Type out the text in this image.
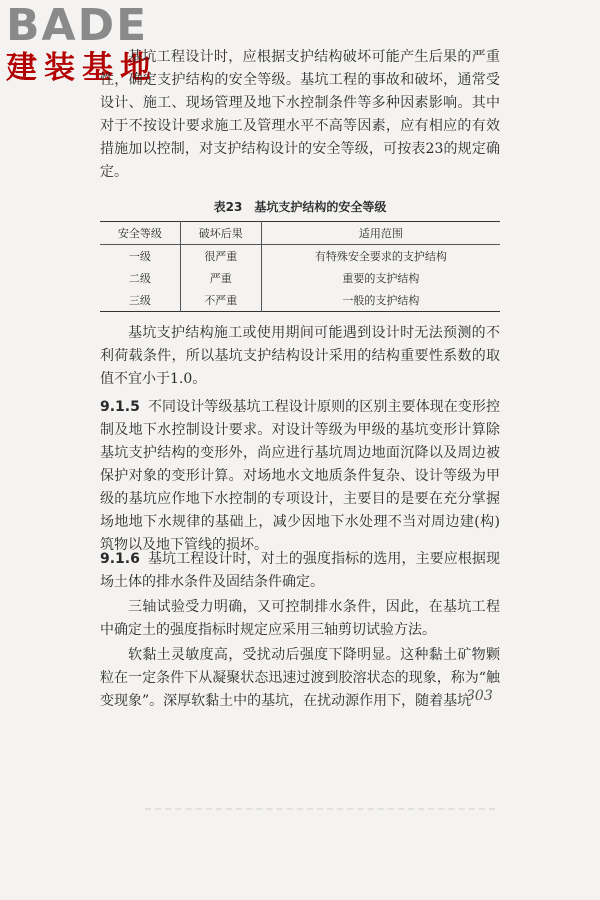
BADE
建装基地

基坑工程设计时，应根据支护结构破坏可能产生后果的严重性，确定支护结构的安全等级。基坑工程的事故和破坏，通常受设计、施工、现场管理及地下水控制条件等多种因素影响。其中对于不按设计要求施工及管理水平不高等因素，应有相应的有效措施加以控制，对支护结构设计的安全等级，可按表23的规定确定。

表23　基坑支护结构的安全等级
安全等级	破坏后果	适用范围
一级	很严重	有特殊安全要求的支护结构
二级	严重	重要的支护结构
三级	不严重	一般的支护结构

基坑支护结构施工或使用期间可能遇到设计时无法预测的不利荷载条件，所以基坑支护结构设计采用的结构重要性系数的取值不宜小于1.0。

9.1.5 不同设计等级基坑工程设计原则的区别主要体现在变形控制及地下水控制设计要求。对设计等级为甲级的基坑变形计算除基坑支护结构的变形外，尚应进行基坑周边地面沉降以及周边被保护对象的变形计算。对场地水文地质条件复杂、设计等级为甲级的基坑应作地下水控制的专项设计，主要目的是要在充分掌握场地地下水规律的基础上，减少因地下水处理不当对周边建(构)筑物以及地下管线的损坏。

9.1.6 基坑工程设计时，对土的强度指标的选用，主要应根据现场土体的排水条件及固结条件确定。

三轴试验受力明确，又可控制排水条件，因此，在基坑工程中确定土的强度指标时规定应采用三轴剪切试验方法。

软黏土灵敏度高，受扰动后强度下降明显。这种黏土矿物颗粒在一定条件下从凝聚状态迅速过渡到胶溶状态的现象，称为“触变现象”。深厚软黏土中的基坑，在扰动源作用下，随着基坑

303
